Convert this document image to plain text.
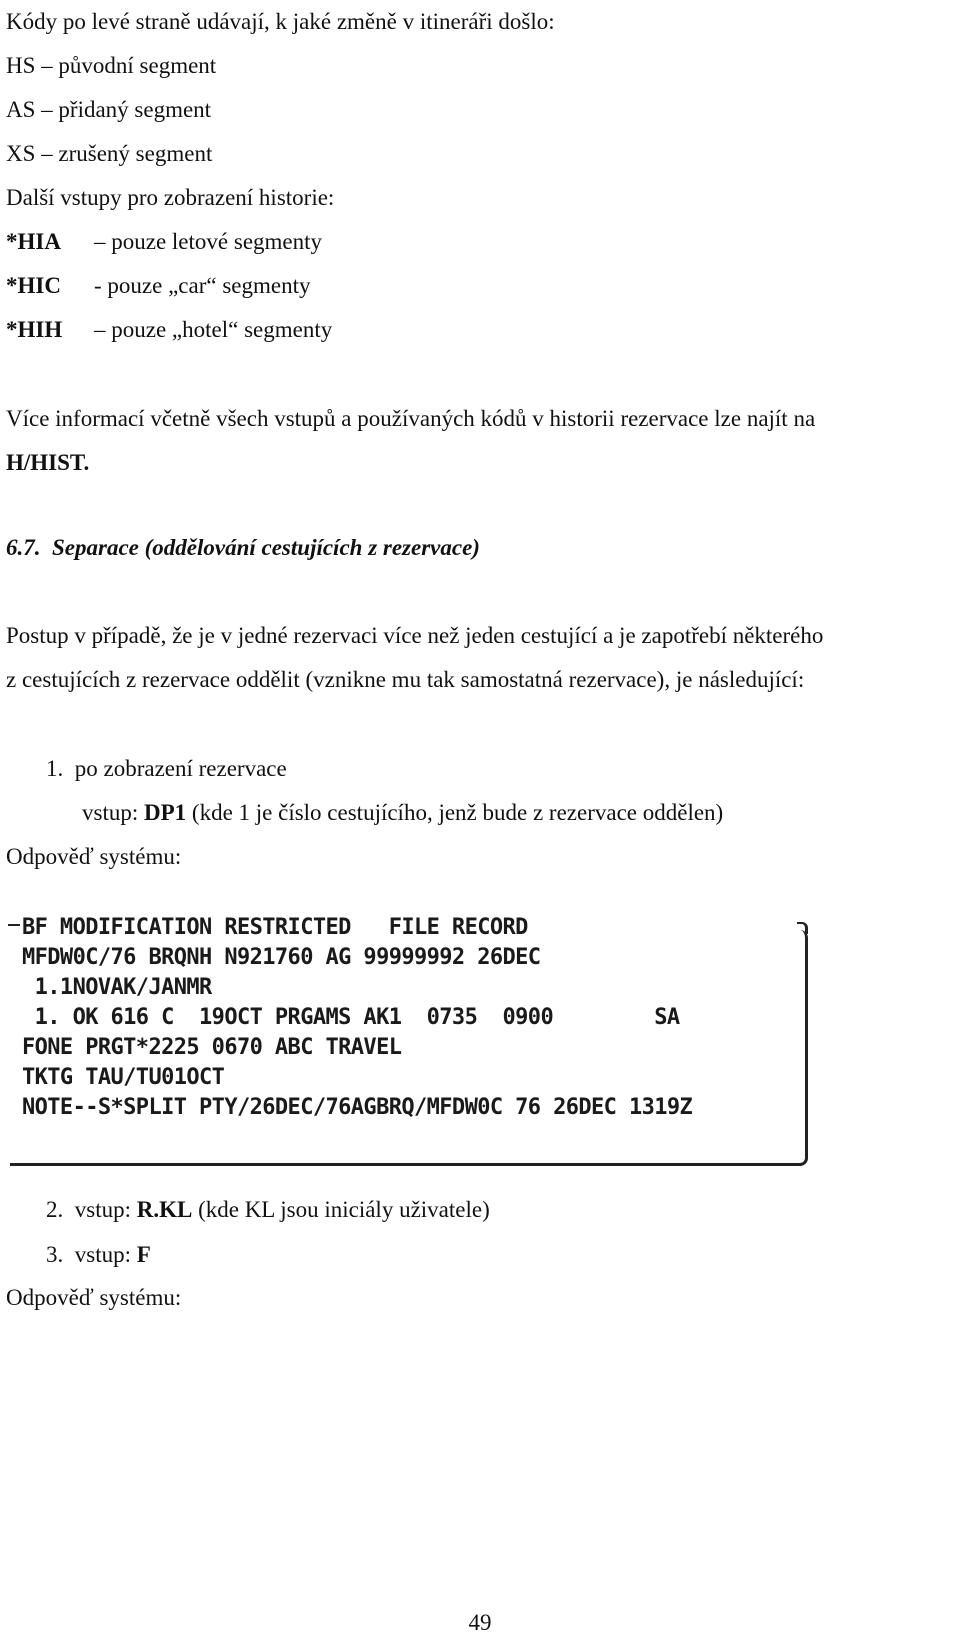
Kódy po levé straně udávají, k jaké změně v itineráři došlo:
HS – původní segment
AS – přidaný segment
XS – zrušený segment
Další vstupy pro zobrazení historie:
*HIA – pouze letové segmenty
*HIC - pouze „car“ segmenty
*HIH – pouze „hotel“ segmenty
Více informací včetně všech vstupů a používaných kódů v historii rezervace lze najít na
H/HIST.
6.7. Separace (oddělování cestujících z rezervace)
Postup v případě, že je v jedné rezervaci více než jeden cestující a je zapotřebí některého
z cestujících z rezervace oddělit (vznikne mu tak samostatná rezervace), je následující:
1. po zobrazení rezervace
vstup: DP1 (kde 1 je číslo cestujícího, jenž bude z rezervace oddělen)
Odpověď systému:
BF MODIFICATION RESTRICTED   FILE RECORD
MFDW0C/76 BRQNH N921760 AG 99999992 26DEC
1.1NOVAK/JANMR
1. OK 616 C  19OCT PRGAMS AK1  0735  0900        SA
FONE PRGT*2225 0670 ABC TRAVEL
TKTG TAU/TU01OCT
NOTE--S*SPLIT PTY/26DEC/76AGBRQ/MFDW0C 76 26DEC 1319Z
2. vstup: R.KL (kde KL jsou iniciály uživatele)
3. vstup: F
Odpověď systému:
49
